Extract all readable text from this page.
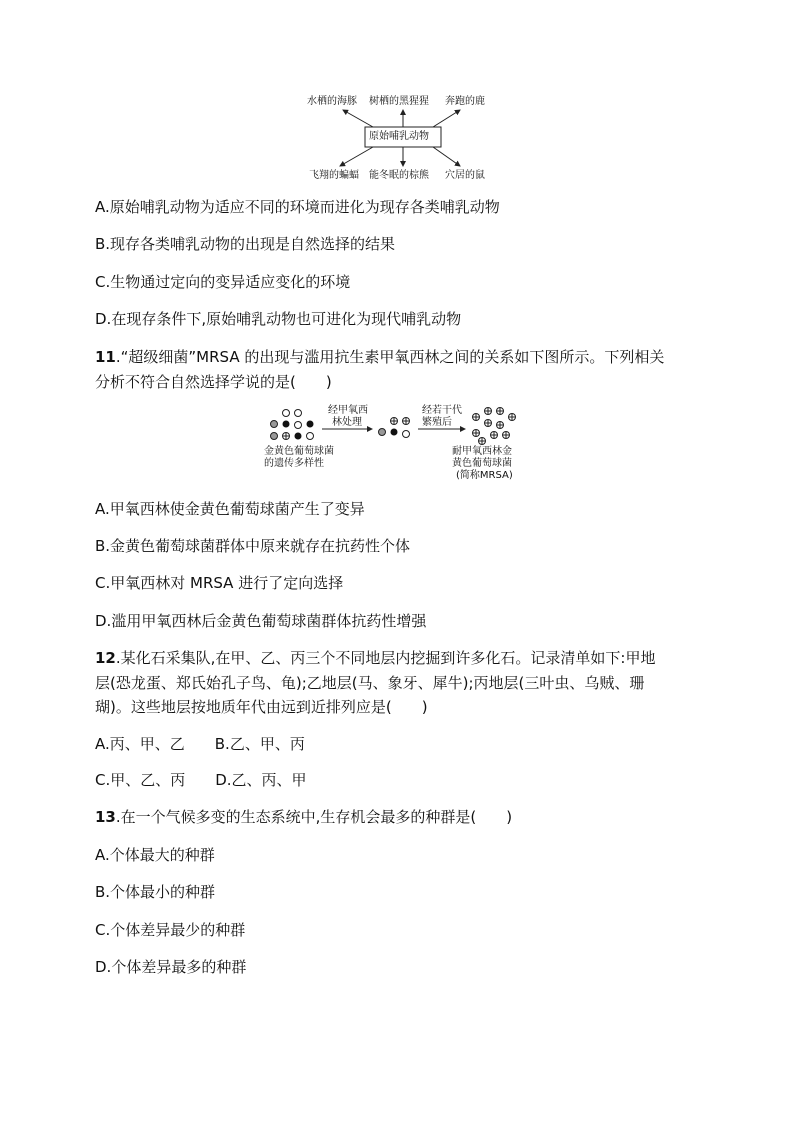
原始哺乳动物
水栖的海豚 树栖的黑猩猩 奔跑的鹿
飞翔的蝙蝠 能冬眠的棕熊 穴居的鼠
A.原始哺乳动物为适应不同的环境而进化为现存各类哺乳动物
B.现存各类哺乳动物的出现是自然选择的结果
C.生物通过定向的变异适应变化的环境
D.在现存条件下,原始哺乳动物也可进化为现代哺乳动物
11.“超级细菌”MRSA 的出现与滥用抗生素甲氧西林之间的关系如下图所示。下列相关
分析不符合自然选择学说的是(　　)
经甲氧西
林处理
经若干代
繁殖后
金黄色葡萄球菌
的遗传多样性
耐甲氧西林金
黄色葡萄球菌
(简称MRSA)
A.甲氧西林使金黄色葡萄球菌产生了变异
B.金黄色葡萄球菌群体中原来就存在抗药性个体
C.甲氧西林对 MRSA 进行了定向选择
D.滥用甲氧西林后金黄色葡萄球菌群体抗药性增强
12.某化石采集队,在甲、乙、丙三个不同地层内挖掘到许多化石。记录清单如下:甲地
层(恐龙蛋、郑氏始孔子鸟、龟);乙地层(马、象牙、犀牛);丙地层(三叶虫、乌贼、珊
瑚)。这些地层按地质年代由远到近排列应是(　　)
A.丙、甲、乙　　B.乙、甲、丙
C.甲、乙、丙　　D.乙、丙、甲
13.在一个气候多变的生态系统中,生存机会最多的种群是(　　)
A.个体最大的种群
B.个体最小的种群
C.个体差异最少的种群
D.个体差异最多的种群
